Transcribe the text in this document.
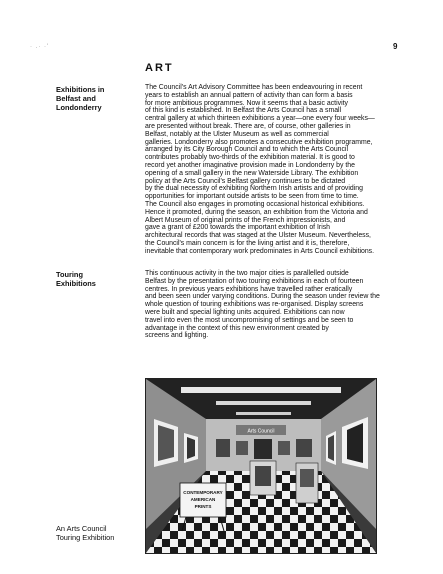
· .· ·'	9
ART
Exhibitions in
Belfast and
Londonderry
The Council's Art Advisory Committee has been endeavouring in recent
years to establish an annual pattern of activity than can form a basis
for more ambitious programmes. Now it seems that a basic activity
of this kind is established. In Belfast the Arts Council has a small
central gallery at which thirteen exhibitions a year—one every four weeks—
are presented without break. There are, of course, other galleries in
Belfast, notably at the Ulster Museum as well as commercial
galleries. Londonderry also promotes a consecutive exhibition programme,
arranged by its City Borough Council and to which the Arts Council
contributes probably two-thirds of the exhibition material. It is good to
record yet another imaginative provision made in Londonderry by the
opening of a small gallery in the new Waterside Library. The exhibition
policy at the Arts Council's Belfast gallery continues to be dictated
by the dual necessity of exhibiting Northern Irish artists and of providing
opportunities for important outside artists to be seen from time to time.
The Council also engages in promoting occasional historical exhibitions.
Hence it promoted, during the season, an exhibition from the Victoria and
Albert Museum of original prints of the French impressionists, and
gave a grant of £200 towards the important exhibition of Irish
architectural records that was staged at the Ulster Museum. Nevertheless,
the Council's main concern is for the living artist and it is, therefore,
inevitable that contemporary work predominates in Arts Council exhibitions.
Touring
Exhibitions
This continuous activity in the two major cities is parallelled outside
Belfast by the presentation of two touring exhibitions in each of fourteen
centres. In previous years exhibitions have travelled rather eratically
and been seen under varying conditions. During the season under review the
whole question of touring exhibitions was re-organised. Display screens
were built and special lighting units acquired. Exhibitions can now
travel into even the most uncompromising of settings and be seen to
advantage in the context of this new environment created by
screens and lighting.
Arts Council
CONTEMPORARY
AMERICAN
PRINTS
An Arts Council
Touring Exhibition
